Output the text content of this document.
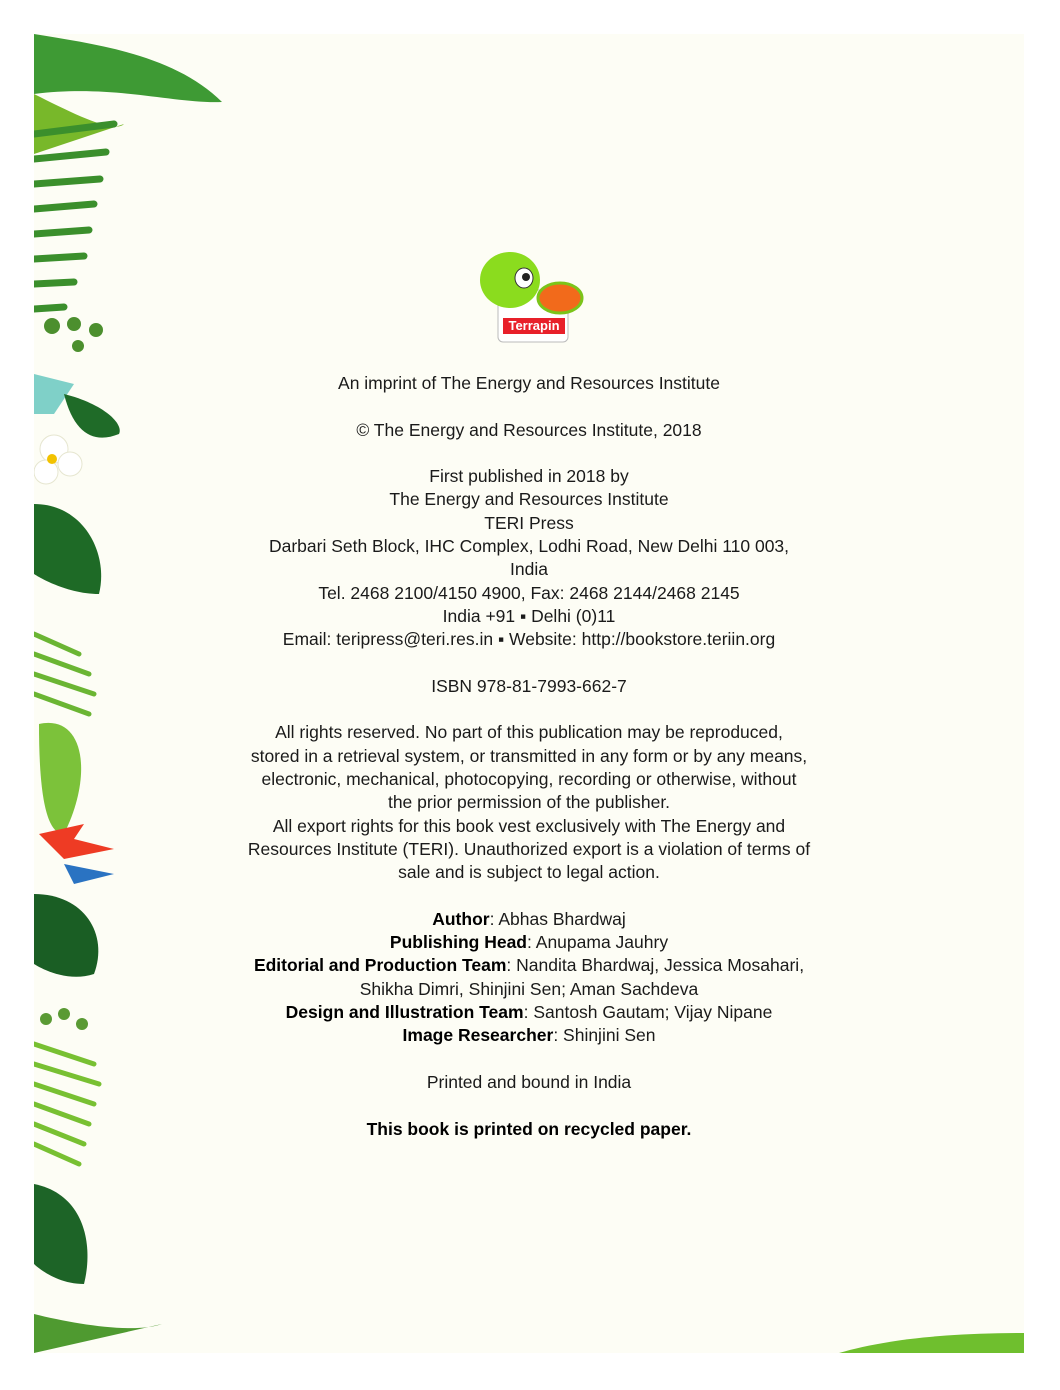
Terrapin

An imprint of The Energy and Resources Institute

© The Energy and Resources Institute, 2018

First published in 2018 by
The Energy and Resources Institute
TERI Press
Darbari Seth Block, IHC Complex, Lodhi Road, New Delhi 110 003,
India
Tel. 2468 2100/4150 4900, Fax: 2468 2144/2468 2145
India +91 ▪ Delhi (0)11
Email: teripress@teri.res.in ▪ Website: http://bookstore.teriin.org

ISBN 978-81-7993-662-7

All rights reserved. No part of this publication may be reproduced,
stored in a retrieval system, or transmitted in any form or by any means,
electronic, mechanical, photocopying, recording or otherwise, without
the prior permission of the publisher.
All export rights for this book vest exclusively with The Energy and
Resources Institute (TERI). Unauthorized export is a violation of terms of
sale and is subject to legal action.

Author: Abhas Bhardwaj
Publishing Head: Anupama Jauhry
Editorial and Production Team: Nandita Bhardwaj, Jessica Mosahari,
Shikha Dimri, Shinjini Sen; Aman Sachdeva
Design and Illustration Team: Santosh Gautam; Vijay Nipane
Image Researcher: Shinjini Sen

Printed and bound in India

This book is printed on recycled paper.
